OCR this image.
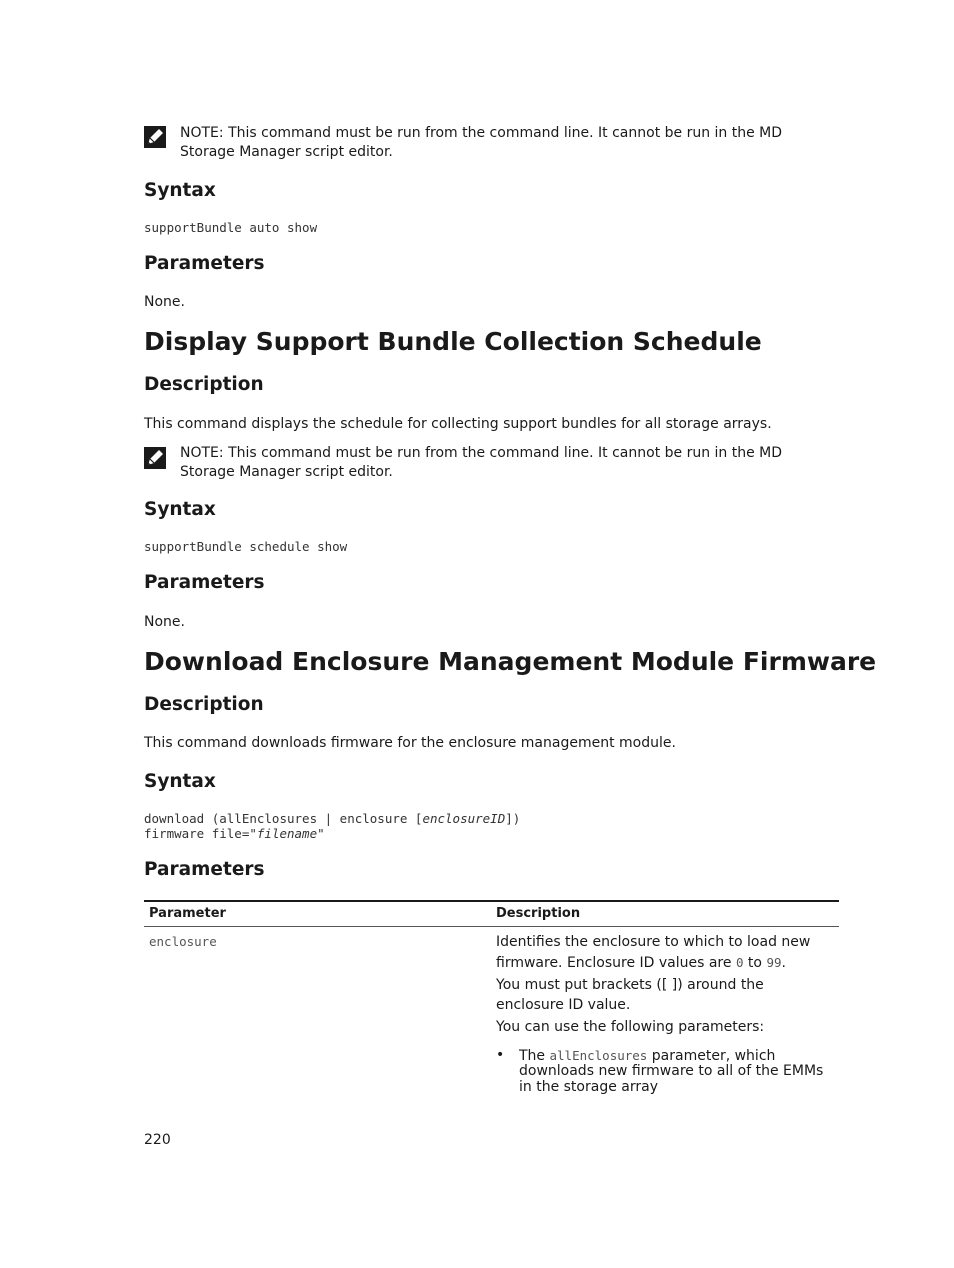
NOTE: This command must be run from the command line. It cannot be run in the MD Storage Manager script editor.
Syntax
supportBundle auto show
Parameters
None.
Display Support Bundle Collection Schedule
Description
This command displays the schedule for collecting support bundles for all storage arrays.
NOTE: This command must be run from the command line. It cannot be run in the MD Storage Manager script editor.
Syntax
supportBundle schedule show
Parameters
None.
Download Enclosure Management Module Firmware
Description
This command downloads firmware for the enclosure management module.
Syntax
download (allEnclosures | enclosure [enclosureID])
firmware file="filename"
Parameters
Parameter	Description
enclosure	Identifies the enclosure to which to load new firmware. Enclosure ID values are 0 to 99.

You must put brackets ([ ]) around the enclosure ID value.

You can use the following parameters:

• The allEnclosures parameter, which downloads new firmware to all of the EMMs in the storage array
220
